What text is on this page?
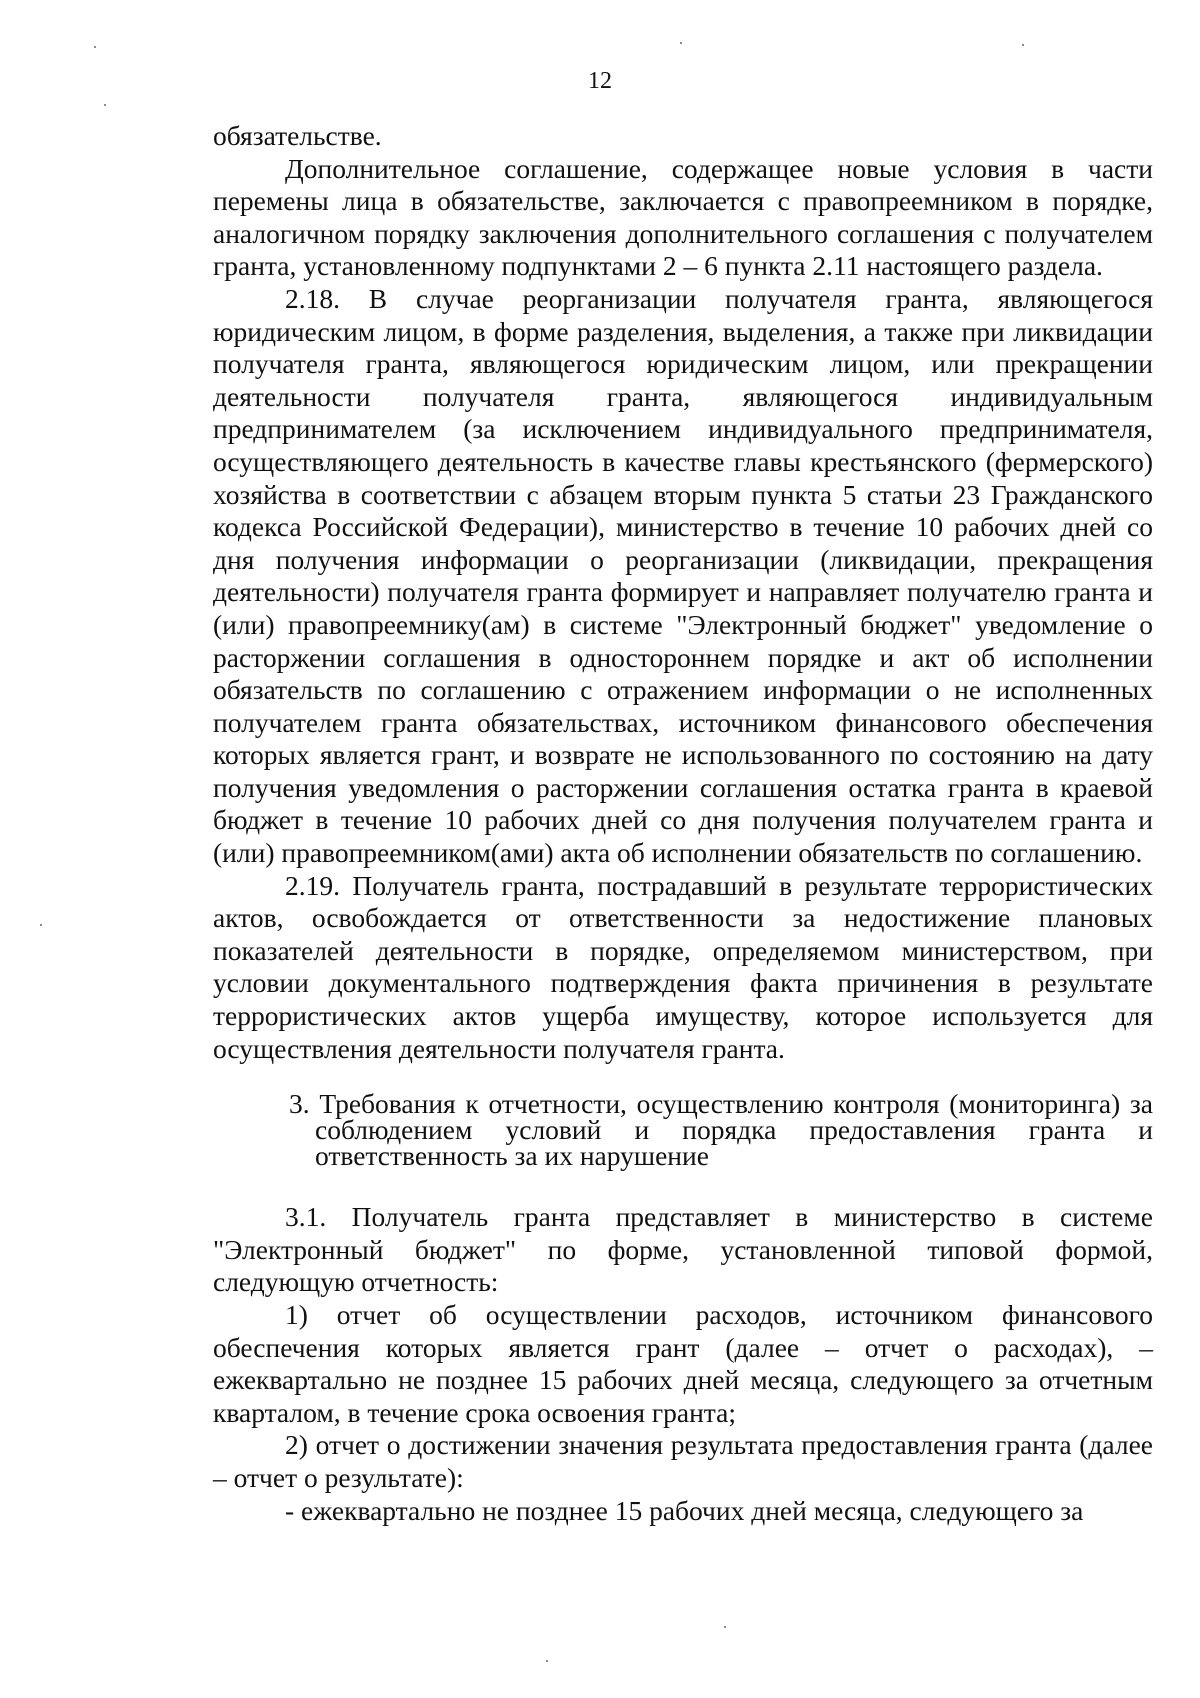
12

обязательстве.

Дополнительное соглашение, содержащее новые условия в части перемены лица в обязательстве, заключается с правопреемником в порядке, аналогичном порядку заключения дополнительного соглашения с получателем гранта, установленному подпунктами 2 – 6 пункта 2.11 настоящего раздела.

2.18. В случае реорганизации получателя гранта, являющегося юридическим лицом, в форме разделения, выделения, а также при ликвидации получателя гранта, являющегося юридическим лицом, или прекращении деятельности получателя гранта, являющегося индивидуальным предпринимателем (за исключением индивидуального предпринимателя, осуществляющего деятельность в качестве главы крестьянского (фермерского) хозяйства в соответствии с абзацем вторым пункта 5 статьи 23 Гражданского кодекса Российской Федерации), министерство в течение 10 рабочих дней со дня получения информации о реорганизации (ликвидации, прекращения деятельности) получателя гранта формирует и направляет получателю гранта и (или) правопреемнику(ам) в системе "Электронный бюджет" уведомление о расторжении соглашения в одностороннем порядке и акт об исполнении обязательств по соглашению с отражением информации о не исполненных получателем гранта обязательствах, источником финансового обеспечения которых является грант, и возврате не использованного по состоянию на дату получения уведомления о расторжении соглашения остатка гранта в краевой бюджет в течение 10 рабочих дней со дня получения получателем гранта и (или) правопреемником(ами) акта об исполнении обязательств по соглашению.

2.19. Получатель гранта, пострадавший в результате террористических актов, освобождается от ответственности за недостижение плановых показателей деятельности в порядке, определяемом министерством, при условии документального подтверждения факта причинения в результате террористических актов ущерба имуществу, которое используется для осуществления деятельности получателя гранта.

3. Требования к отчетности, осуществлению контроля (мониторинга) за соблюдением условий и порядка предоставления гранта и ответственность за их нарушение

3.1. Получатель гранта представляет в министерство в системе "Электронный бюджет" по форме, установленной типовой формой, следующую отчетность:

1) отчет об осуществлении расходов, источником финансового обеспечения которых является грант (далее – отчет о расходах), – ежеквартально не позднее 15 рабочих дней месяца, следующего за отчетным кварталом, в течение срока освоения гранта;

2) отчет о достижении значения результата предоставления гранта (далее – отчет о результате):

- ежеквартально не позднее 15 рабочих дней месяца, следующего за
